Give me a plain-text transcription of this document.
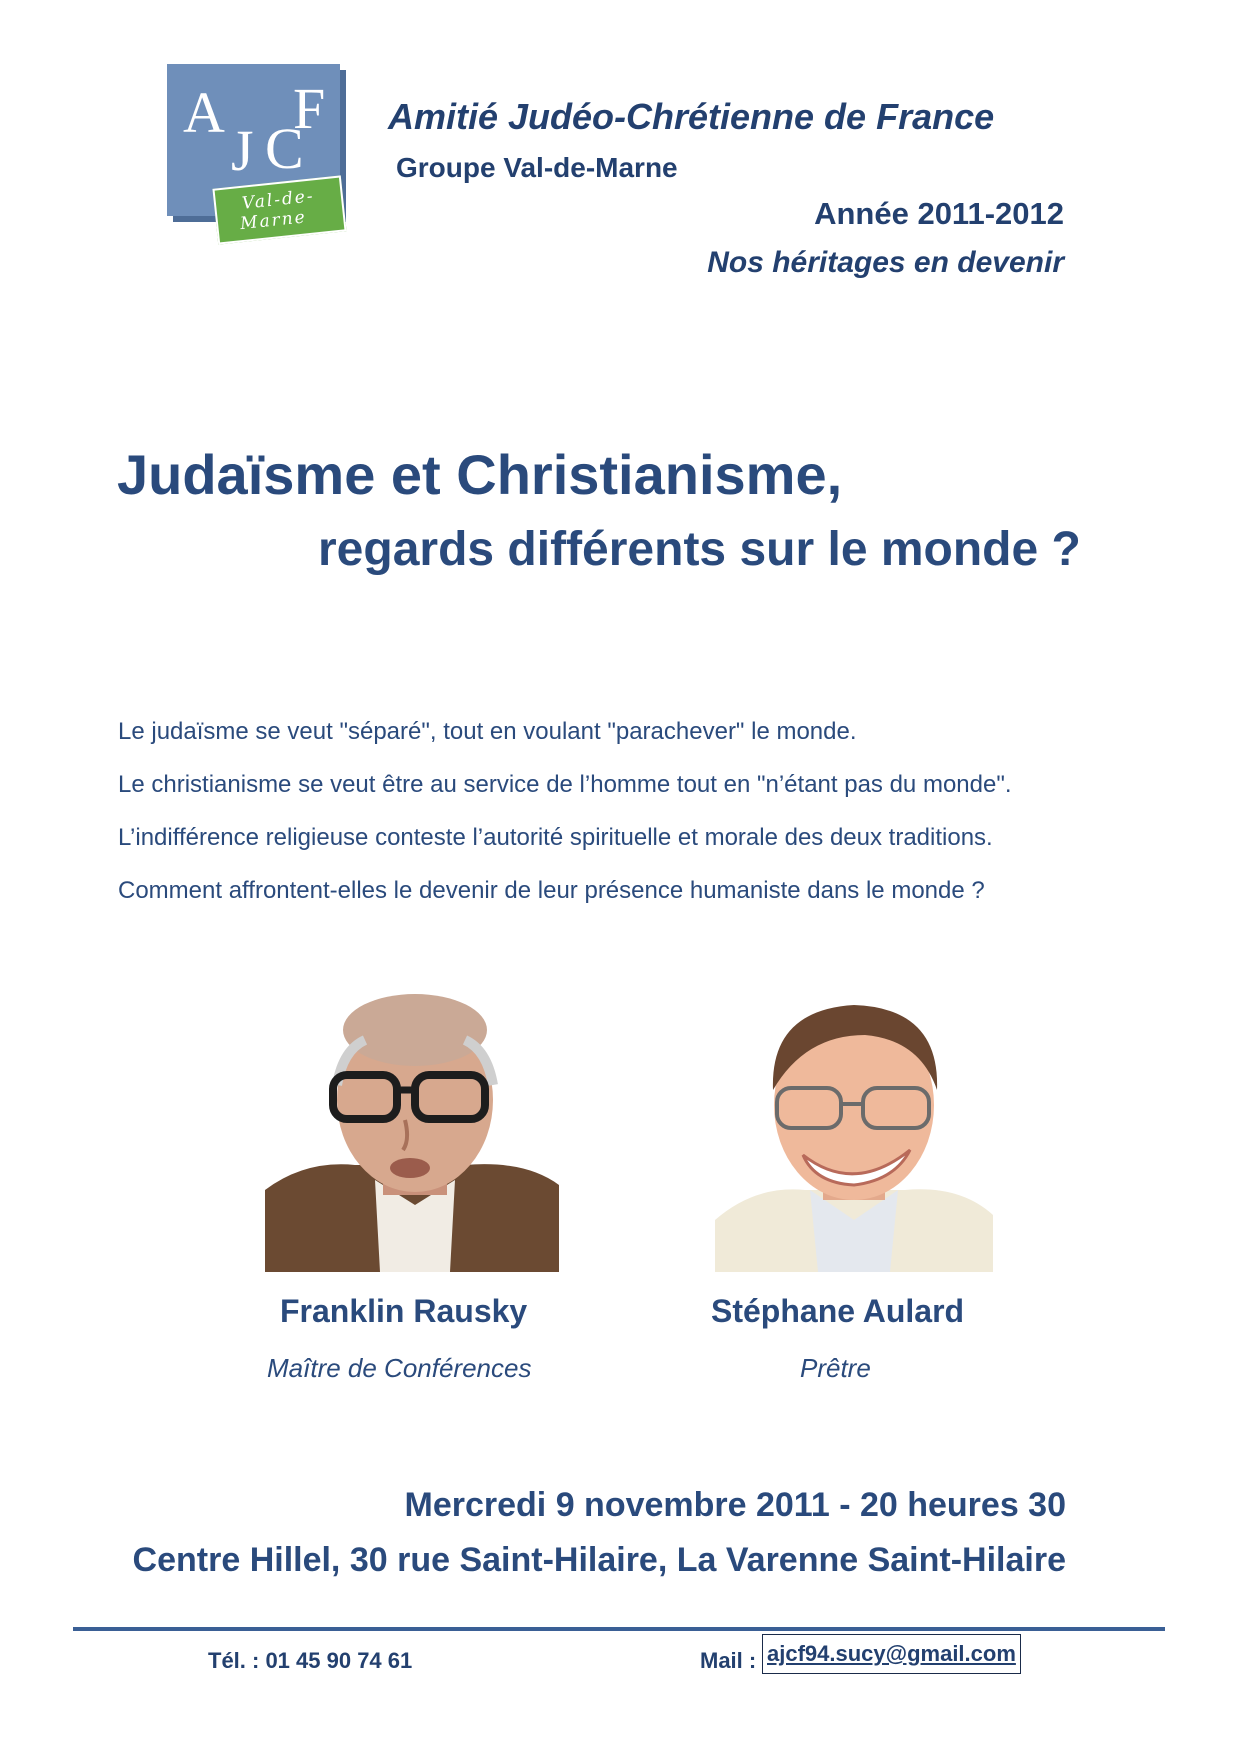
A
J C
F
Val-de-
Marne
Amitié Judéo-Chrétienne de France
Groupe Val-de-Marne
Année 2011-2012
Nos héritages en devenir
Judaïsme et Christianisme,
regards différents sur le monde ?
Le judaïsme se veut "séparé", tout en voulant "parachever" le monde.
Le christianisme se veut être au service de l’homme tout en "n’étant pas du monde".
L’indifférence religieuse conteste l’autorité spirituelle et morale des deux traditions.
Comment affrontent-elles le devenir de leur présence humaniste dans le monde ?
Franklin Rausky
Maître de Conférences
Stéphane Aulard
Prêtre
Mercredi 9 novembre 2011 - 20 heures 30
Centre Hillel, 30 rue Saint-Hilaire, La Varenne Saint-Hilaire
Tél. : 01 45 90 74 61	Mail : ajcf94.sucy@gmail.com
